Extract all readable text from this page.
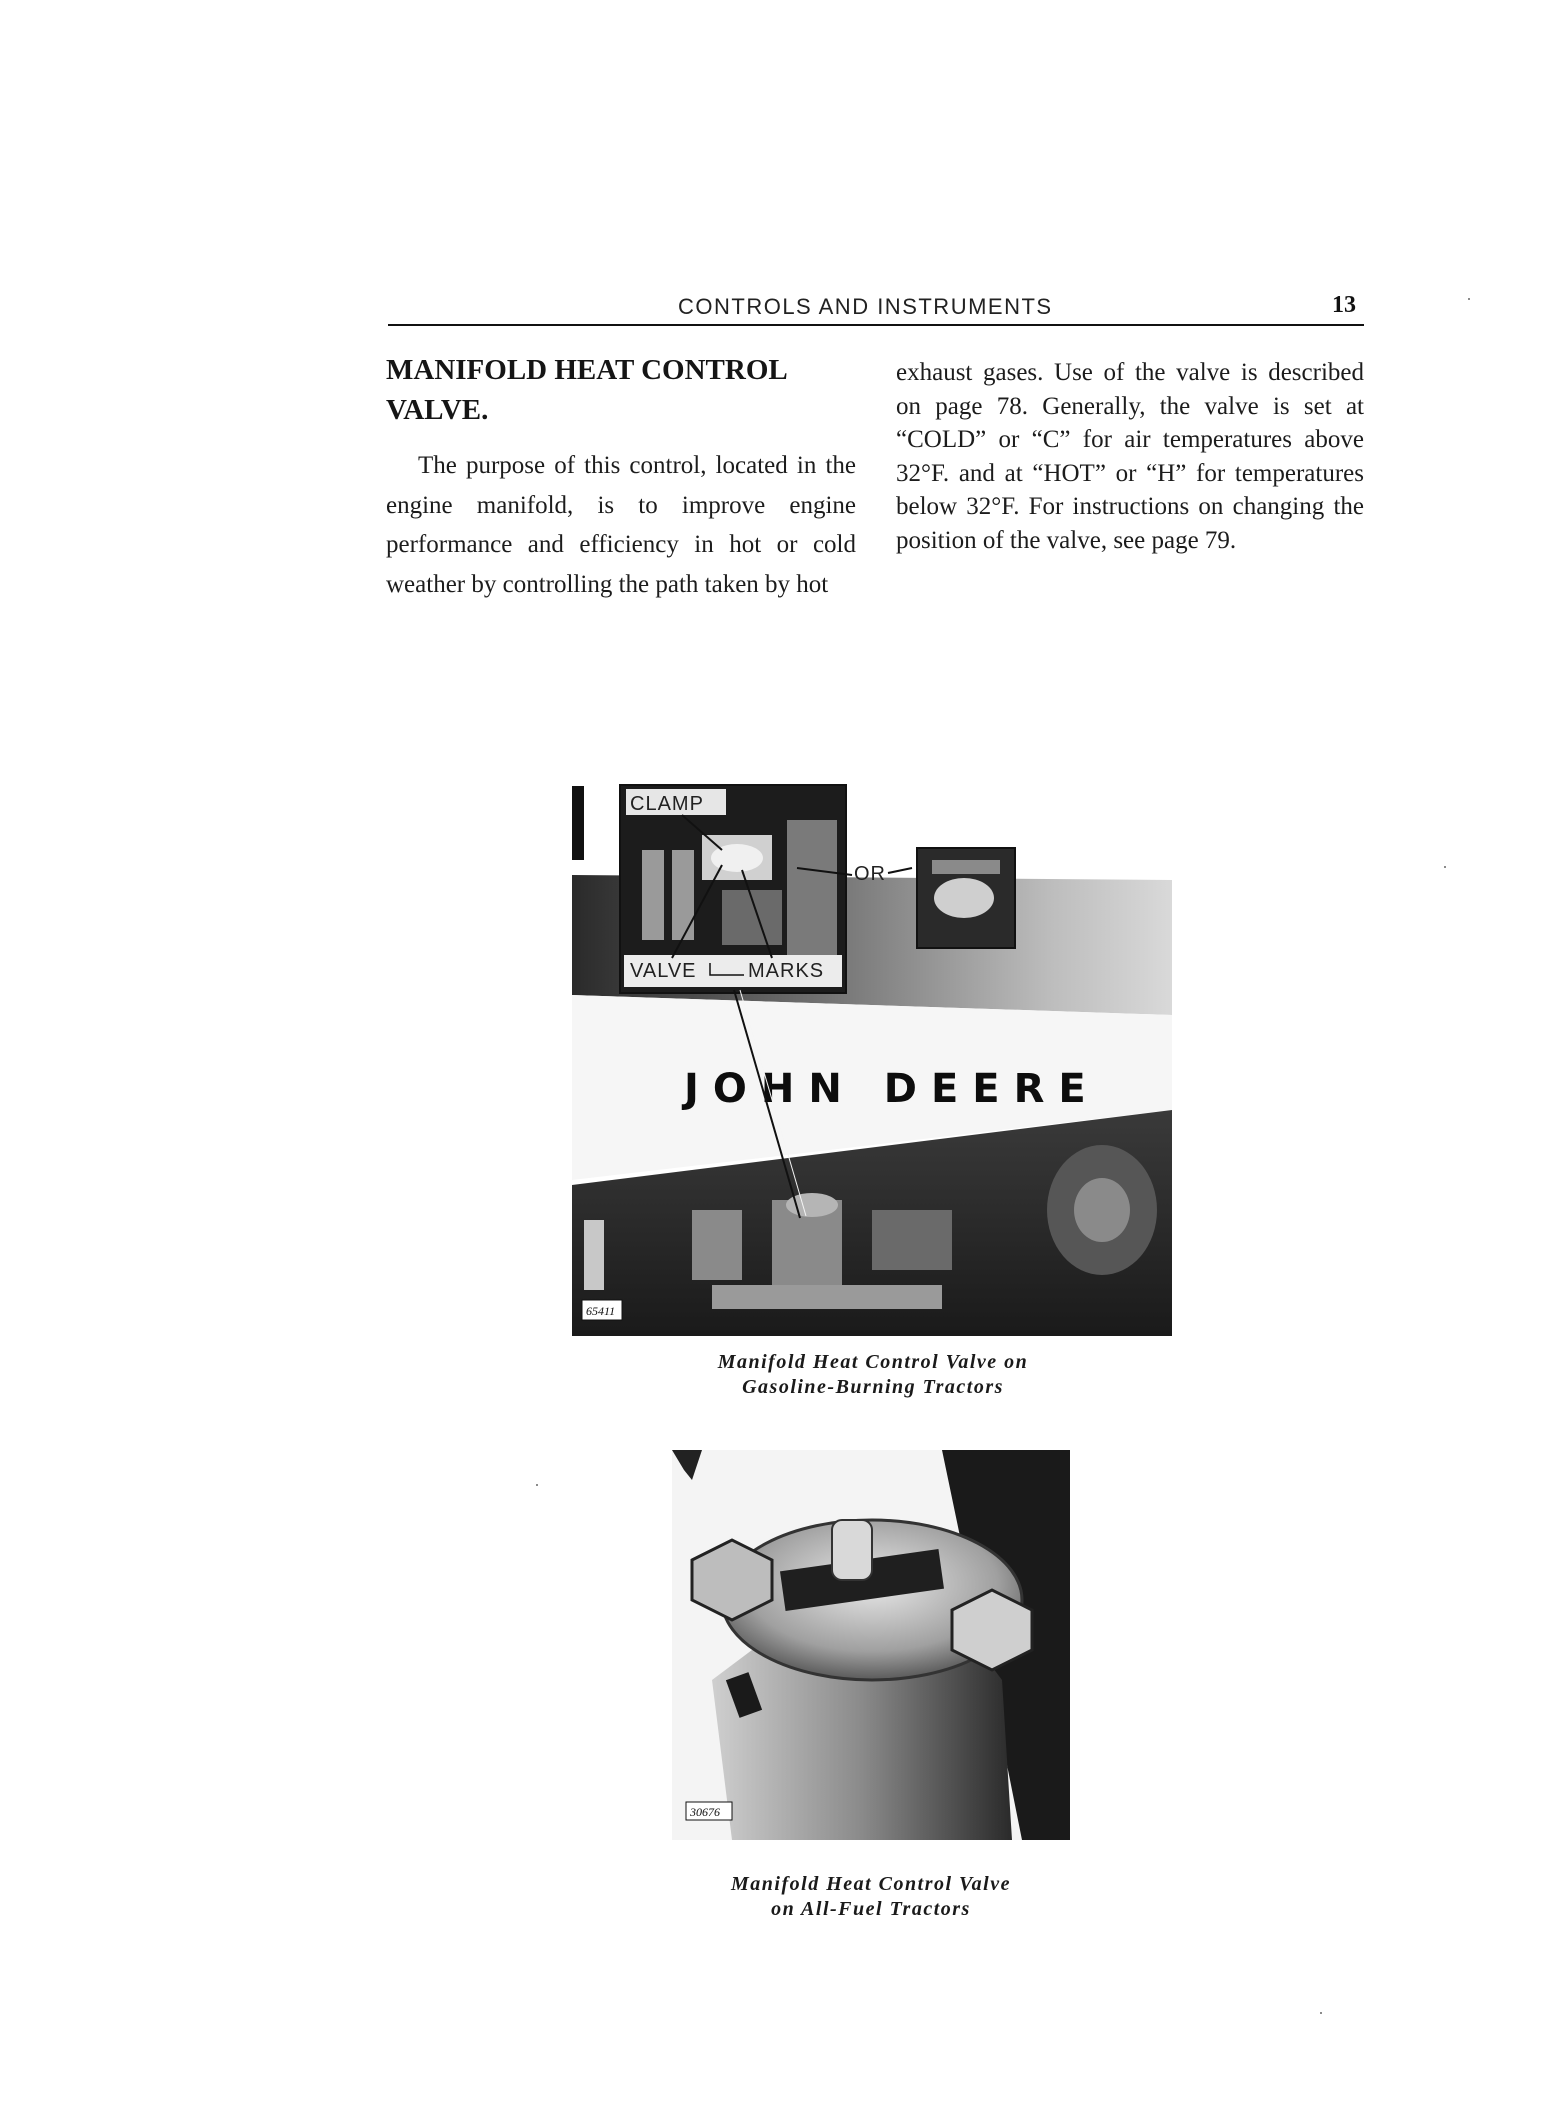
CONTROLS AND INSTRUMENTS	13
MANIFOLD HEAT CONTROL VALVE.

The purpose of this control, located in the engine manifold, is to improve engine performance and efficiency in hot or cold weather by controlling the path taken by hot

exhaust gases. Use of the valve is described on page 78. Generally, the valve is set at “COLD” or “C” for air temperatures above 32°F. and at “HOT” or “H” for temperatures below 32°F. For instructions on changing the position of the valve, see page 79.

JOHN DEERE
65411
CLAMP
VALVE	MARKS
OR
Manifold Heat Control Valve on
Gasoline-Burning Tractors
30676
Manifold Heat Control Valve
on All-Fuel Tractors
